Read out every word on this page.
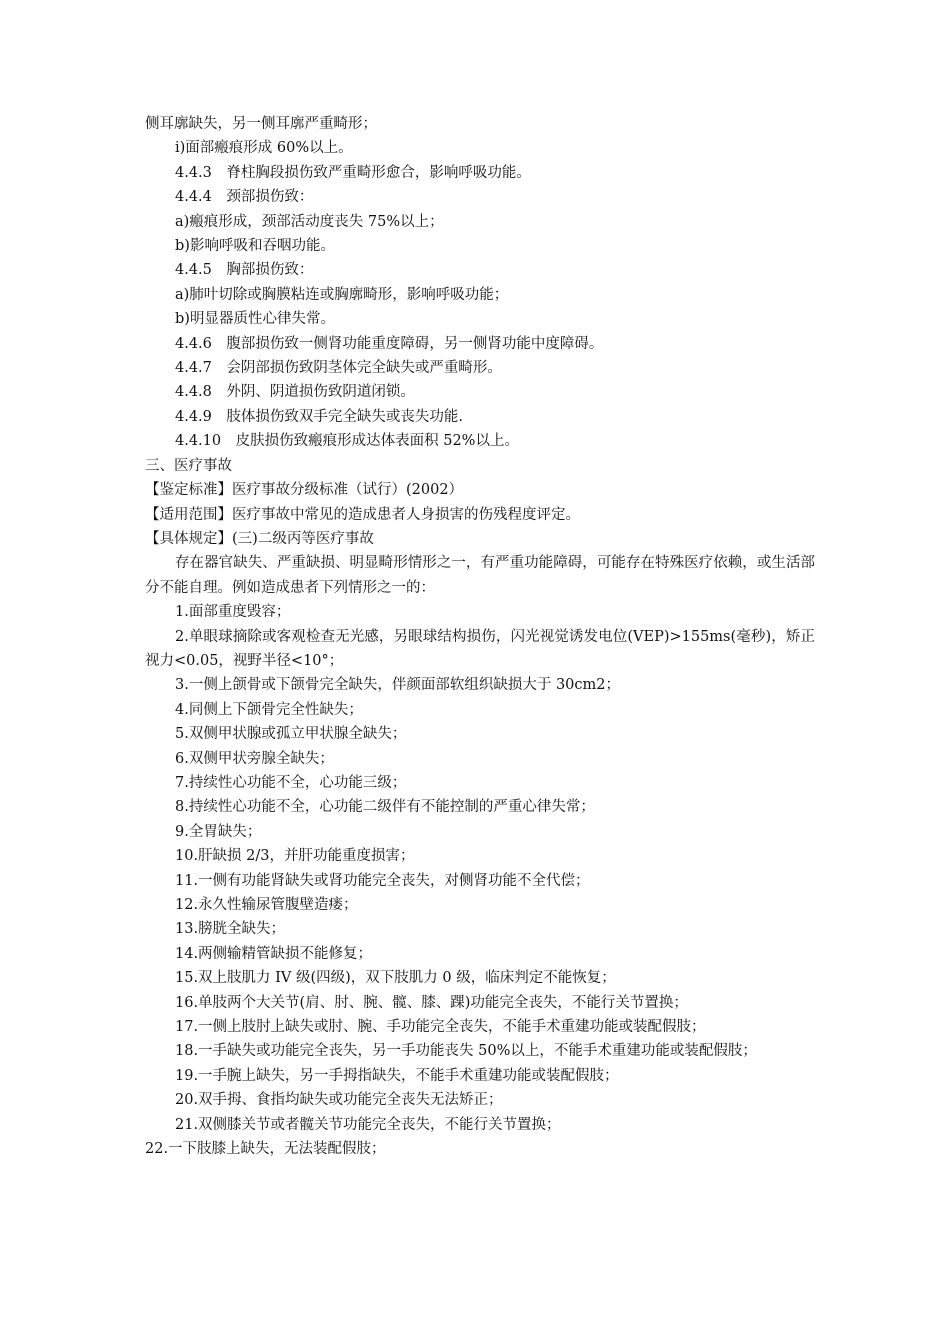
侧耳廓缺失，另一侧耳廓严重畸形；

i)面部瘢痕形成 60%以上。

4.4.3　脊柱胸段损伤致严重畸形愈合，影响呼吸功能。

4.4.4　颈部损伤致：

a)瘢痕形成，颈部活动度丧失 75%以上；

b)影响呼吸和吞咽功能。

4.4.5　胸部损伤致：

a)肺叶切除或胸膜粘连或胸廓畸形，影响呼吸功能；

b)明显器质性心律失常。

4.4.6　腹部损伤致一侧肾功能重度障碍，另一侧肾功能中度障碍。

4.4.7　会阴部损伤致阴茎体完全缺失或严重畸形。

4.4.8　外阴、阴道损伤致阴道闭锁。

4.4.9　肢体损伤致双手完全缺失或丧失功能.

4.4.10　皮肤损伤致瘢痕形成达体表面积 52%以上。

三、医疗事故

【鉴定标准】医疗事故分级标准（试行）(2002）

【适用范围】医疗事故中常见的造成患者人身损害的伤残程度评定。

【具体规定】(三)二级丙等医疗事故

存在器官缺失、严重缺损、明显畸形情形之一，有严重功能障碍，可能存在特殊医疗依赖，或生活部分不能自理。例如造成患者下列情形之一的：

1.面部重度毁容；

2.单眼球摘除或客观检查无光感，另眼球结构损伤，闪光视觉诱发电位(VEP)>155ms(毫秒)，矫正视力<0.05，视野半径<10°；

3.一侧上颌骨或下颌骨完全缺失，伴颜面部软组织缺损大于 30cm2；

4.同侧上下颌骨完全性缺失；

5.双侧甲状腺或孤立甲状腺全缺失；

6.双侧甲状旁腺全缺失；

7.持续性心功能不全，心功能三级；

8.持续性心功能不全，心功能二级伴有不能控制的严重心律失常；

9.全胃缺失；

10.肝缺损 2/3，并肝功能重度损害；

11.一侧有功能肾缺失或肾功能完全丧失，对侧肾功能不全代偿；

12.永久性输尿管腹壁造瘘；

13.膀胱全缺失；

14.两侧输精管缺损不能修复；

15.双上肢肌力 IV 级(四级)，双下肢肌力 0 级，临床判定不能恢复；

16.单肢两个大关节(肩、肘、腕、髋、膝、踝)功能完全丧失，不能行关节置换；

17.一侧上肢肘上缺失或肘、腕、手功能完全丧失，不能手术重建功能或装配假肢；

18.一手缺失或功能完全丧失，另一手功能丧失 50%以上，不能手术重建功能或装配假肢；

19.一手腕上缺失，另一手拇指缺失，不能手术重建功能或装配假肢；

20.双手拇、食指均缺失或功能完全丧失无法矫正；

21.双侧膝关节或者髋关节功能完全丧失，不能行关节置换；

22.一下肢膝上缺失，无法装配假肢；
